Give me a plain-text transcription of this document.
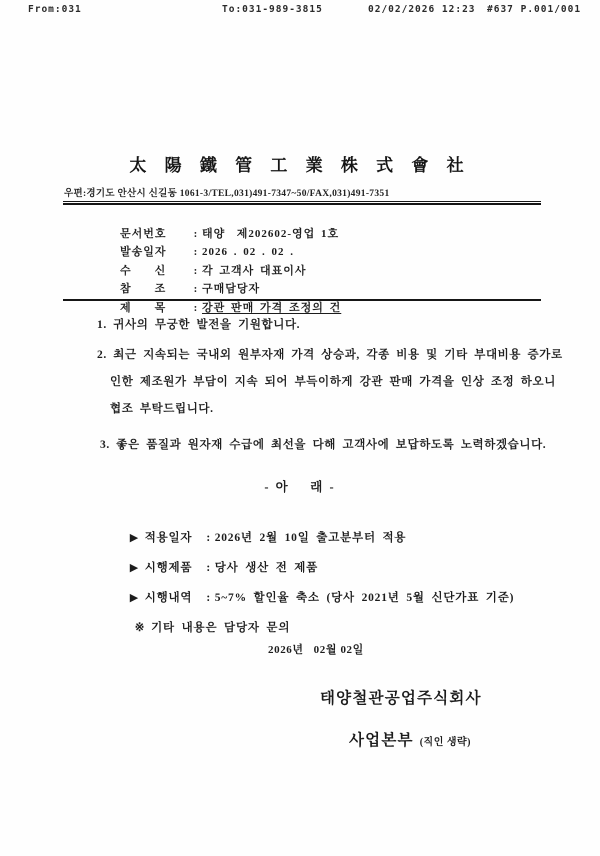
From:031	To:031-989-3815	02/02/2026 12:23 #637 P.001/001
太 陽 鐵 管 工 業 株 式 會 社
우편:경기도 안산시 신길동 1061-3/TEL,031)491-7347~50/FAX,031)491-7351

문서번호 : 태양  제202602-영업 1호

발송일자 : 2026 . 02 . 02 .

수    신 : 각 고객사 대표이사

참    조 : 구매담당자

제    목 : 강관 판매 가격 조정의 건

1. 귀사의 무궁한 발전을 기원합니다.
2. 최근 지속되는 국내외 원부자재 가격 상승과, 각종 비용 및 기타 부대비용 증가로
인한 제조원가 부담이 지속 되어 부득이하게 강관 판매 가격을 인상 조정 하오니
협조 부탁드립니다.
3. 좋은 품질과 원자재 수급에 최선을 다해 고객사에 보답하도록 노력하겠습니다.
- 아    래 -

▶ 적용일자 : 2026년 2월 10일 출고분부터 적용

▶ 시행제품 : 당사 생산 전 제품

▶ 시행내역 : 5~7% 할인율 축소 (당사 2021년 5월 신단가표 기준)

※ 기타 내용은 담당자 문의

2026년   02월 02일
태양철관공업주식회사

사업본부 (직인 생략)
